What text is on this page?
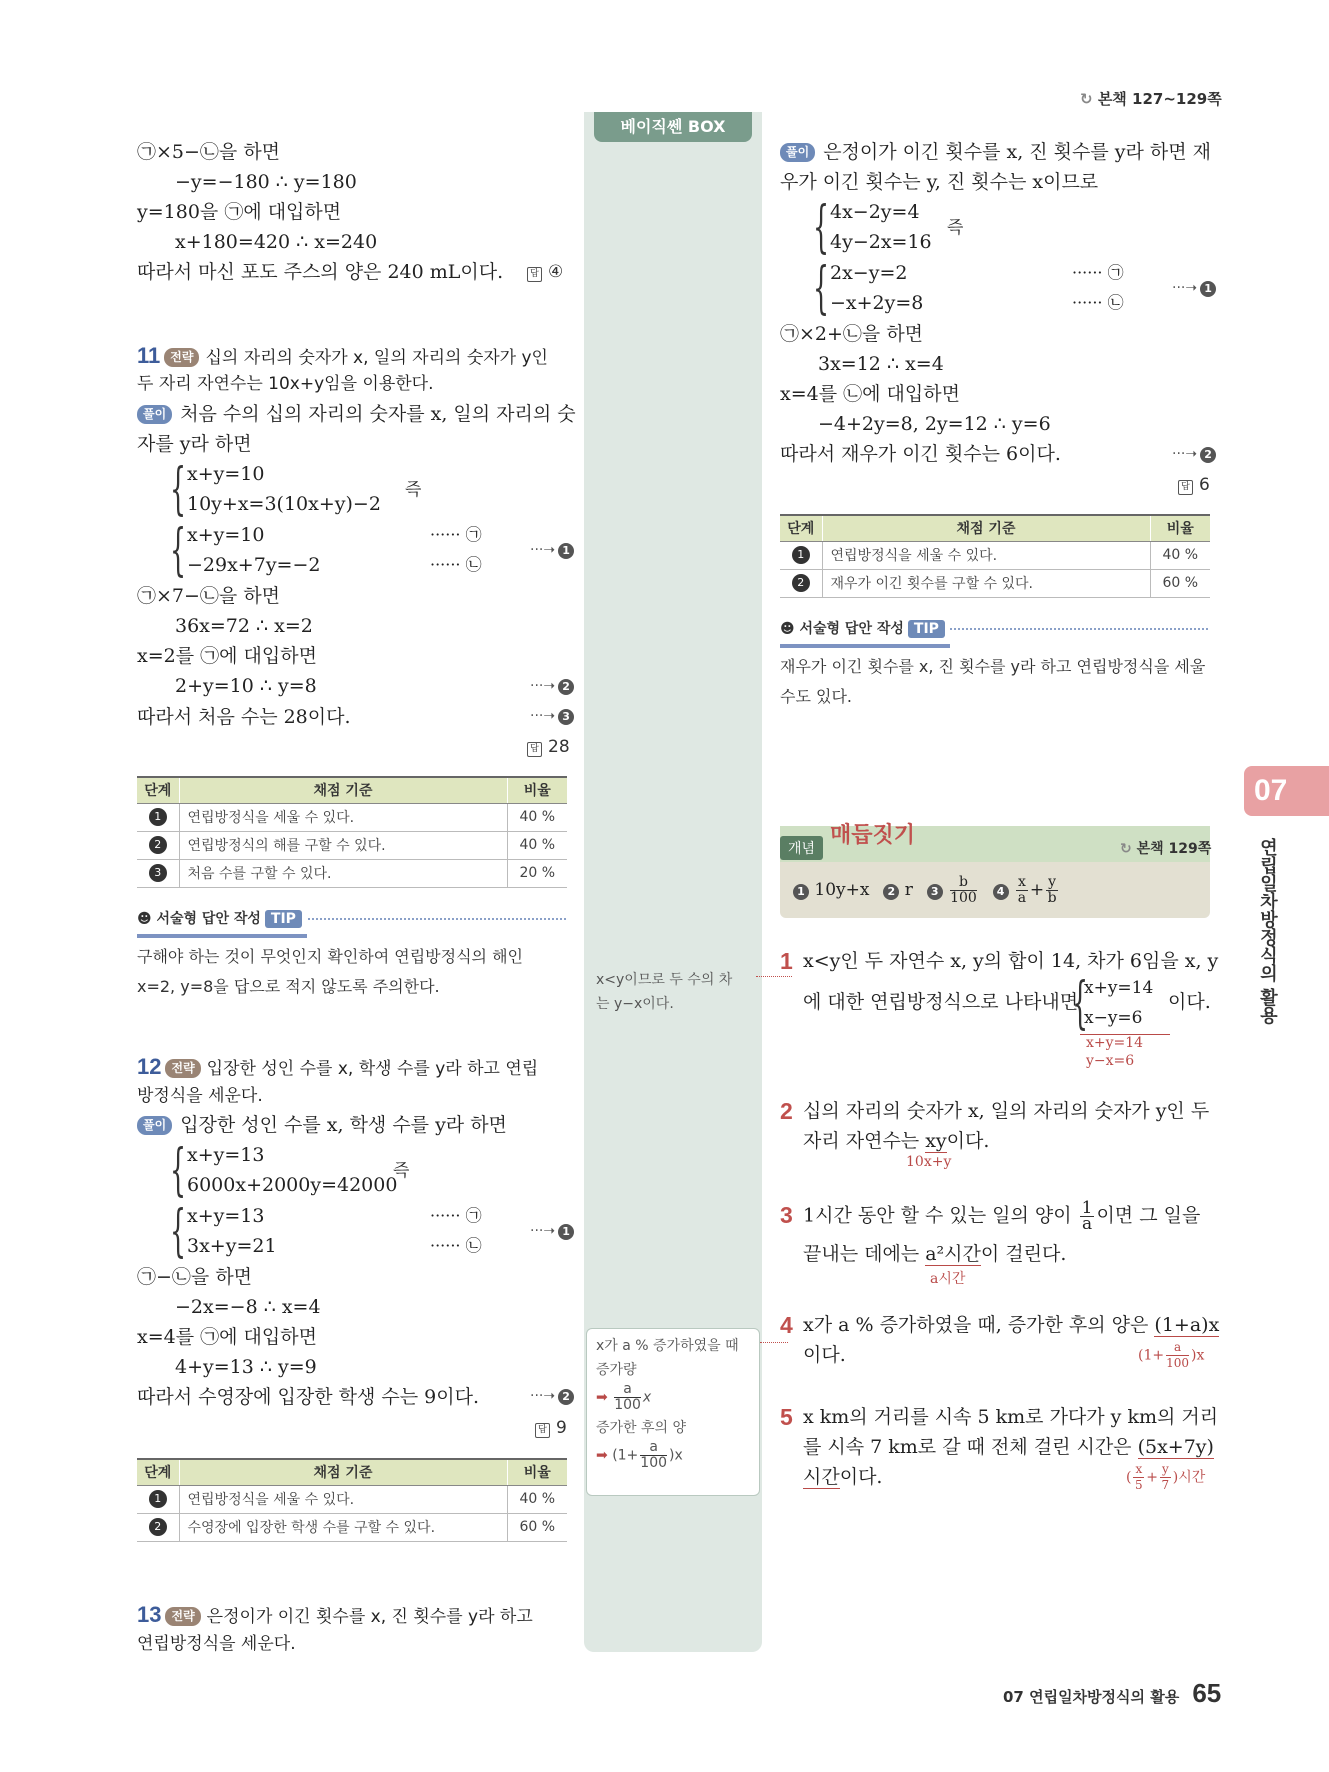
↻ 본책 127~129쪽
베이직쎈 BOX
x<y이므로 두 수의 차
는 y−x이다.
x가 a % 증가하였을 때
증가량
➡ $\frac{a}{100}$ x
증가한 후의 양
➡ $(1+ \frac{a}{100} )x$
㉠×5−㉡을 하면
−y=−180 ∴ y=180
y=180을 ㉠에 대입하면
x+180=420 ∴ x=240
따라서 마신 포도 주스의 양은 240 mL이다.	답 ④
11 전략 십의 자리의 숫자가 x, 일의 자리의 숫자가 y인
두 자리 자연수는 10x+y임을 이용한다.
풀이 처음 수의 십의 자리의 숫자를 x, 일의 자리의 숫
자를 y라 하면
{ x+y=10
10y+x=3(10x+y)−2
즉
{ x+y=10
−29x+7y=−2
······ ㉠
······ ㉡
···➝ 1
㉠×7−㉡을 하면
36x=72 ∴ x=2
x=2를 ㉠에 대입하면
2+y=10 ∴ y=8	···➝ 2
따라서 처음 수는 28이다.	···➝ 3
답 28
단계	채점 기준	비율
1	연립방정식을 세울 수 있다.	40 %
2	연립방정식의 해를 구할 수 있다.	40 %
3	처음 수를 구할 수 있다.	20 %
☻ 서술형 답안 작성 TIP
구해야 하는 것이 무엇인지 확인하여 연립방정식의 해인
x=2, y=8을 답으로 적지 않도록 주의한다.
12 전략 입장한 성인 수를 x, 학생 수를 y라 하고 연립
방정식을 세운다.
풀이 입장한 성인 수를 x, 학생 수를 y라 하면
{ x+y=13
6000x+2000y=42000
즉
{ x+y=13
3x+y=21
······ ㉠
······ ㉡
···➝ 1
㉠−㉡을 하면
−2x=−8 ∴ x=4
x=4를 ㉠에 대입하면
4+y=13 ∴ y=9
따라서 수영장에 입장한 학생 수는 9이다.	···➝ 2
답 9
단계	채점 기준	비율
1	연립방정식을 세울 수 있다.	40 %
2	수영장에 입장한 학생 수를 구할 수 있다.	60 %
13 전략 은정이가 이긴 횟수를 x, 진 횟수를 y라 하고
연립방정식을 세운다.
풀이 은정이가 이긴 횟수를 x, 진 횟수를 y라 하면 재
우가 이긴 횟수는 y, 진 횟수는 x이므로
{ 4x−2y=4
4y−2x=16
즉
{ 2x−y=2
−x+2y=8
······ ㉠
······ ㉡
···➝ 1
㉠×2+㉡을 하면
3x=12 ∴ x=4
x=4를 ㉡에 대입하면
−4+2y=8, 2y=12 ∴ y=6
따라서 재우가 이긴 횟수는 6이다.	···➝ 2
답 6
단계	채점 기준	비율
1	연립방정식을 세울 수 있다.	40 %
2	재우가 이긴 횟수를 구할 수 있다.	60 %
☻ 서술형 답안 작성 TIP
재우가 이긴 횟수를 x, 진 횟수를 y라 하고 연립방정식을 세울
수도 있다.
개념
매듭짓기
↻ 본책 129쪽
1 10y+x 2 r $3 \frac{b}{100} 4 \frac{x}{a} + \frac{y}{b}$
1 x<y인 두 자연수 x, y의 합이 14, 차가 6임을 x, y
에 대한 연립방정식으로 나타내면
{
x+y=14
x−y=6
이다.
x+y=14
y−x=6
2 십의 자리의 숫자가 x, 일의 자리의 숫자가 y인 두
자리 자연수는 xy이다.
10x+y
3 1시간 동안 할 수 있는 일의 양이 $\frac{1}{a}$ 이면 그 일을
끝내는 데에는 a²시간이 걸린다.
a시간
4 x가 a % 증가하였을 때, 증가한 후의 양은 (1+a)x
이다.	$(1+ \frac{a}{100} )x$
5 x km의 거리를 시속 5 km로 가다가 y km의 거리
를 시속 7 km로 갈 때 전체 걸린 시간은 (5x+7y)
시간이다.	( $\frac{x}{5} + \frac{y}{7}$ )시간
07
연립일차방정식의 활용
07 연립일차방정식의 활용 65
